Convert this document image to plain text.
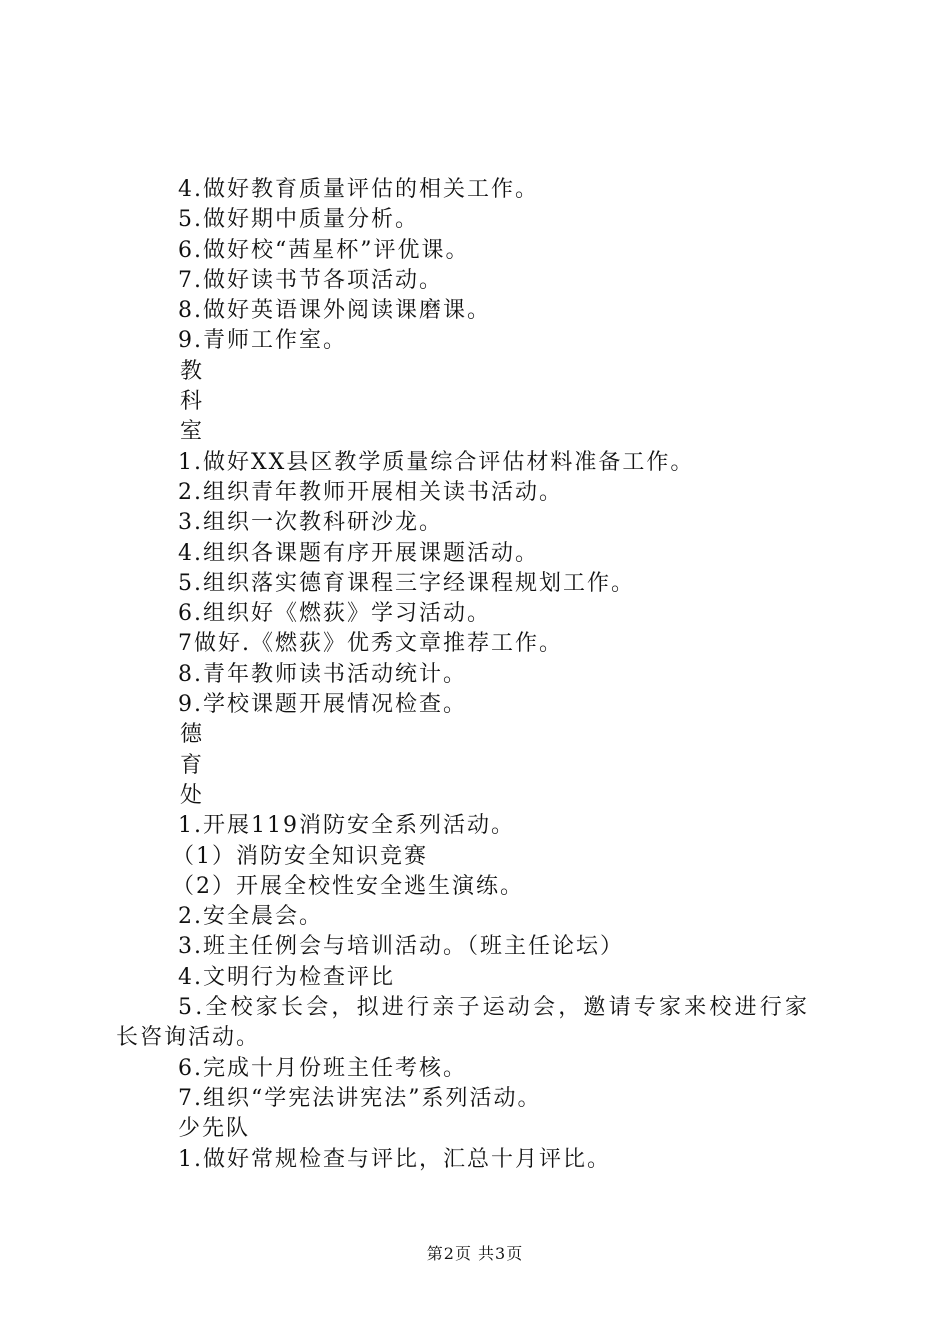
4.做好教育质量评估的相关工作。
5.做好期中质量分析。
6.做好校“茜星杯”评优课。
7.做好读书节各项活动。
8.做好英语课外阅读课磨课。
9.青师工作室。
教
科
室
1.做好XX县区教学质量综合评估材料准备工作。
2.组织青年教师开展相关读书活动。
3.组织一次教科研沙龙。
4.组织各课题有序开展课题活动。
5.组织落实德育课程三字经课程规划工作。
6.组织好《燃荻》学习活动。
7做好.《燃荻》优秀文章推荐工作。
8.青年教师读书活动统计。
9.学校课题开展情况检查。
德
育
处
1.开展119消防安全系列活动。
（1）消防安全知识竞赛
（2）开展全校性安全逃生演练。
2.安全晨会。
3.班主任例会与培训活动。（班主任论坛）
4.文明行为检查评比
5.全校家长会，拟进行亲子运动会，邀请专家来校进行家
长咨询活动。
6.完成十月份班主任考核。
7.组织“学宪法讲宪法”系列活动。
少先队
1.做好常规检查与评比，汇总十月评比。
第2页 共3页
